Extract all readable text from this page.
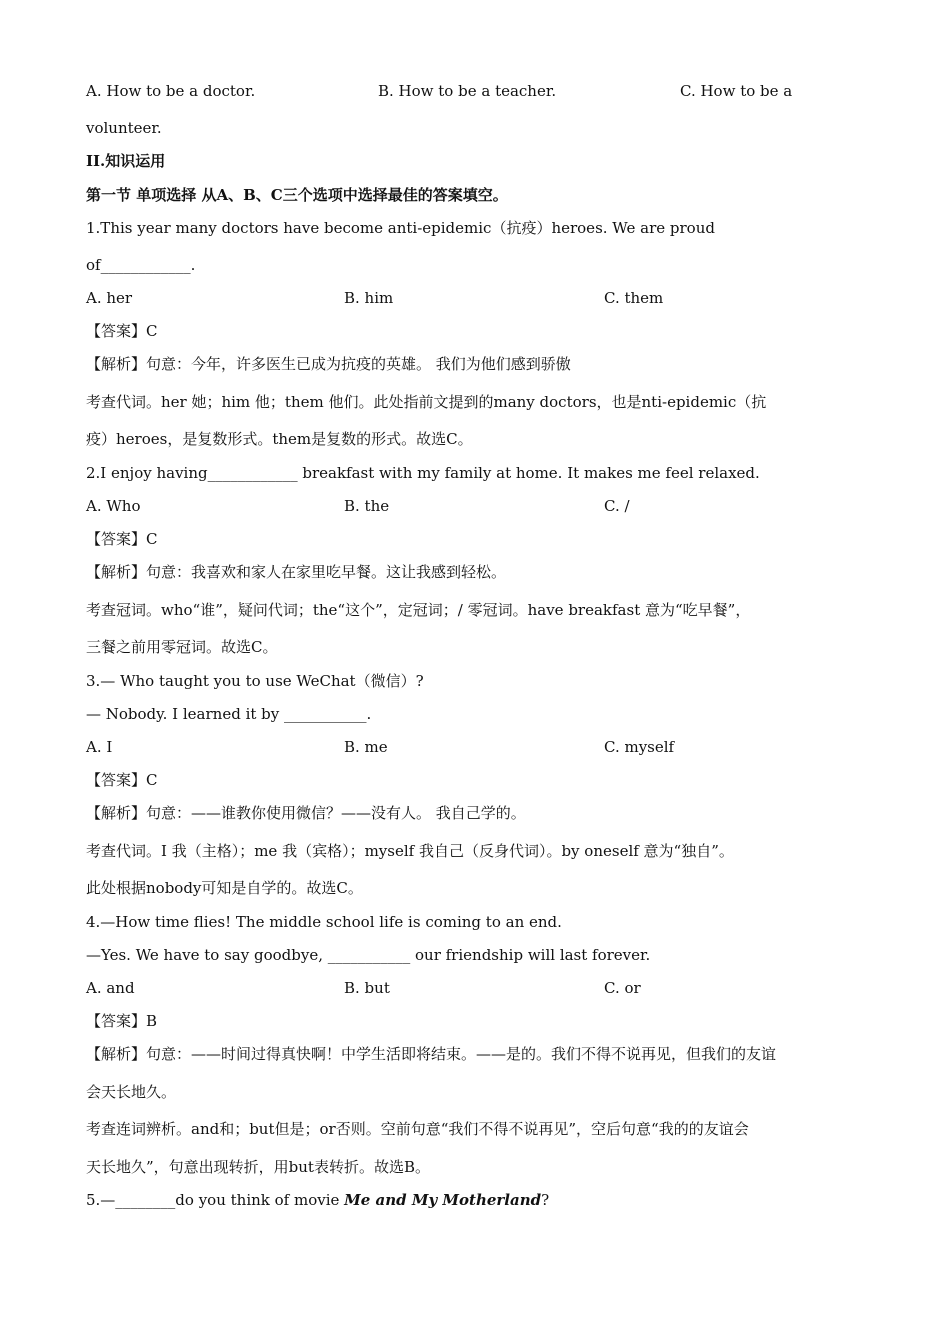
A. How to be a doctor.	B. How to be a teacher.	C. How to be a
volunteer.
II.知识运用
第一节 单项选择 从A、B、C三个选项中选择最佳的答案填空。
1.This year many doctors have become anti-epidemic（抗疫）heroes. We are proud
of____________.
A. her	B. him	C. them
【答案】C
【解析】句意：今年，许多医生已成为抗疫的英雄。 我们为他们感到骄傲
考查代词。her 她；him 他；them 他们。此处指前文提到的many doctors，也是nti-epidemic（抗
疫）heroes，是复数形式。them是复数的形式。故选C。
2.I enjoy having____________ breakfast with my family at home. It makes me feel relaxed.
A. Who	B. the	C. /
【答案】C
【解析】句意：我喜欢和家人在家里吃早餐。这让我感到轻松。
考查冠词。who“谁”，疑问代词；the“这个”，定冠词；/ 零冠词。have breakfast 意为“吃早餐”，
三餐之前用零冠词。故选C。
3.— Who taught you to use WeChat（微信）?
— Nobody. I learned it by ___________.
A. I	B. me	C. myself
【答案】C
【解析】句意：——谁教你使用微信？——没有人。 我自己学的。
考查代词。I 我（主格）；me 我（宾格）；myself 我自己（反身代词）。by oneself 意为“独自”。
此处根据nobody可知是自学的。故选C。
4.—How time flies! The middle school life is coming to an end.
—Yes. We have to say goodbye, ___________ our friendship will last forever.
A. and	B. but	C. or
【答案】B
【解析】句意：——时间过得真快啊！中学生活即将结束。——是的。我们不得不说再见，但我们的友谊
会天长地久。
考查连词辨析。and和；but但是；or否则。空前句意“我们不得不说再见”，空后句意“我的的友谊会
天长地久”，句意出现转折，用but表转折。故选B。
5.—________do you think of movie Me and My Motherland?
